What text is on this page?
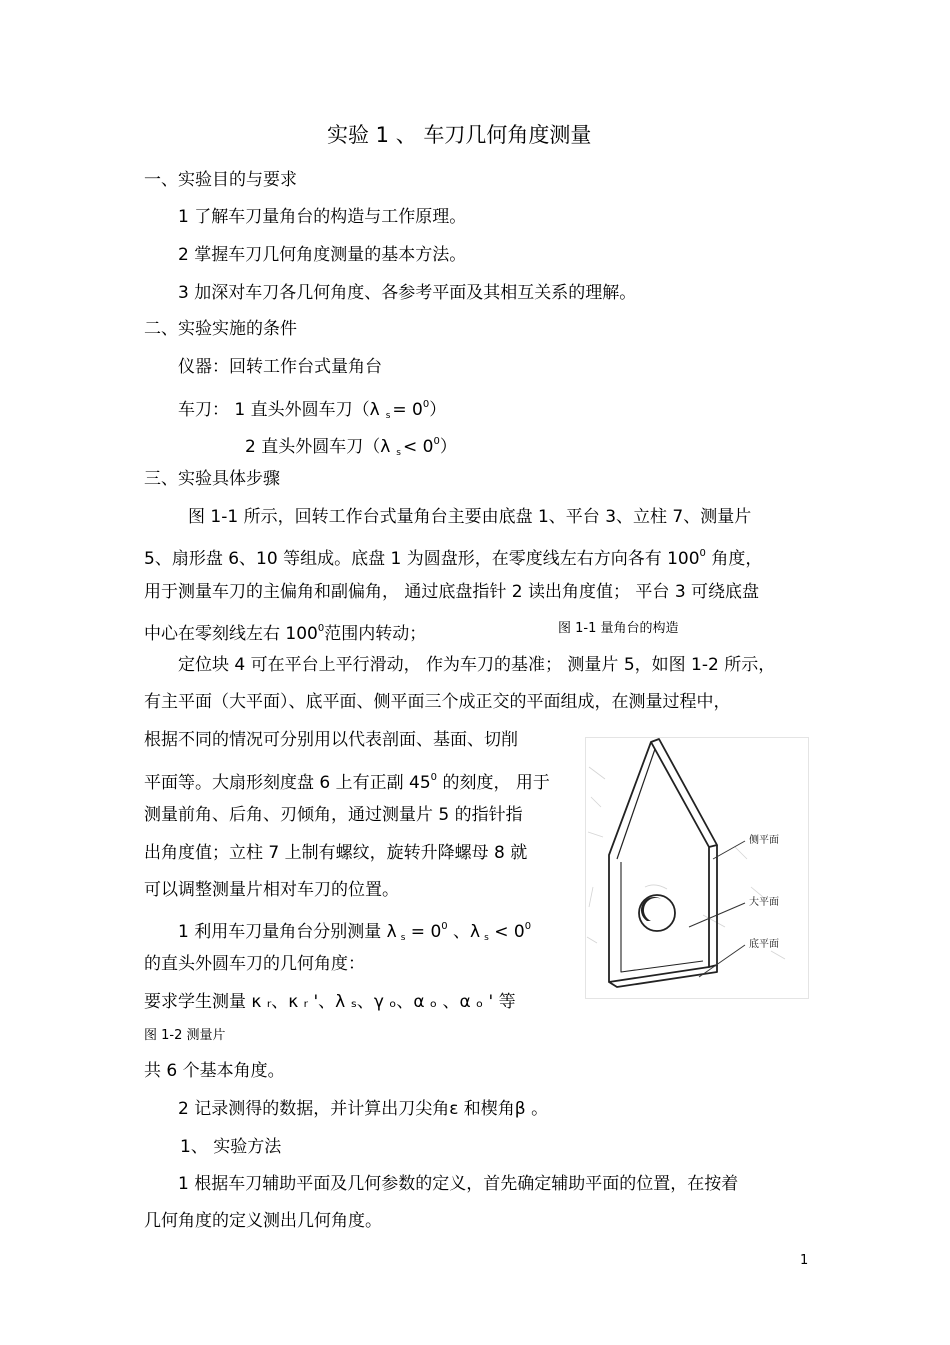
实验 1 、 车刀几何角度测量
一、实验目的与要求
1 了解车刀量角台的构造与工作原理。
2 掌握车刀几何角度测量的基本方法。
3 加深对车刀各几何角度、各参考平面及其相互关系的理解。
二、实验实施的条件
仪器：回转工作台式量角台
车刀： 1 直头外圆车刀（λ $_s = 0^0$）
2 直头外圆车刀（λ $_s < 0^0$）
三、实验具体步骤
图 1-1 所示，回转工作台式量角台主要由底盘 1、平台 3、立柱 7、测量片
5、扇形盘 6、10 等组成。底盘 1 为圆盘形，在零度线左右方向各有 $100^0$ 角度，
用于测量车刀的主偏角和副偏角， 通过底盘指针 2 读出角度值； 平台 3 可绕底盘
中心在零刻线左右 $100^0$范围内转动；	图 1-1 量角台的构造
定位块 4 可在平台上平行滑动， 作为车刀的基准； 测量片 5，如图 1-2 所示，
有主平面（大平面）、底平面、侧平面三个成正交的平面组成，在测量过程中，
根据不同的情况可分别用以代表剖面、基面、切削
平面等。大扇形刻度盘 6 上有正副 $45^0$ 的刻度， 用于
测量前角、后角、刃倾角，通过测量片 5 的指针指
出角度值；立柱 7 上制有螺纹，旋转升降螺母 8 就
可以调整测量片相对车刀的位置。
1 利用车刀量角台分别测量 λ $_s = 0^0$ 、λ $_s < 0^0$
的直头外圆车刀的几何角度：
要求学生测量 κ ᵣ、κ ᵣ '、λ ₛ、γ ₒ、α ₒ 、α ₒ ' 等
图 1-2 测量片
共 6 个基本角度。
2 记录测得的数据，并计算出刀尖角ε 和楔角β 。
1、 实验方法
1 根据车刀辅助平面及几何参数的定义，首先确定辅助平面的位置，在按着
几何角度的定义测出几何角度。
侧平面
大平面
底平面
1
